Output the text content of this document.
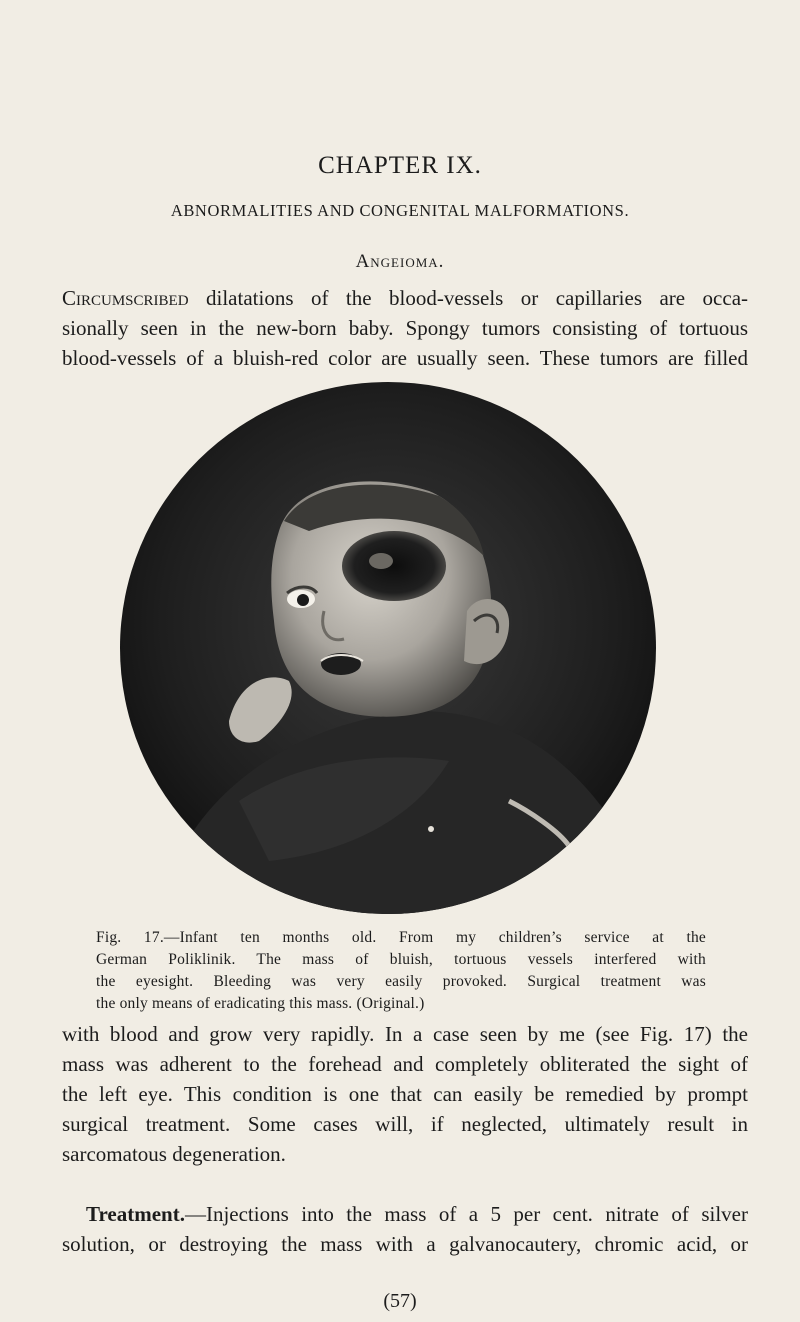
CHAPTER IX.
ABNORMALITIES AND CONGENITAL MALFORMATIONS.
Angeioma.
Circumscribed dilatations of the blood-vessels or capillaries are occa-
sionally seen in the new-born baby. Spongy tumors consisting of tortuous
blood-vessels of a bluish-red color are usually seen. These tumors are filled
Fig. 17.—Infant ten months old. From my children’s service at the
German Poliklinik. The mass of bluish, tortuous vessels interfered with
the eyesight. Bleeding was very easily provoked. Surgical treatment was
the only means of eradicating this mass. (Original.)
with blood and grow very rapidly. In a case seen by me (see Fig. 17) the
mass was adherent to the forehead and completely obliterated the sight of
the left eye. This condition is one that can easily be remedied by prompt
surgical treatment. Some cases will, if neglected, ultimately result in
sarcomatous degeneration.
Treatment.—Injections into the mass of a 5 per cent. nitrate of silver
solution, or destroying the mass with a galvanocautery, chromic acid, or
(57)
